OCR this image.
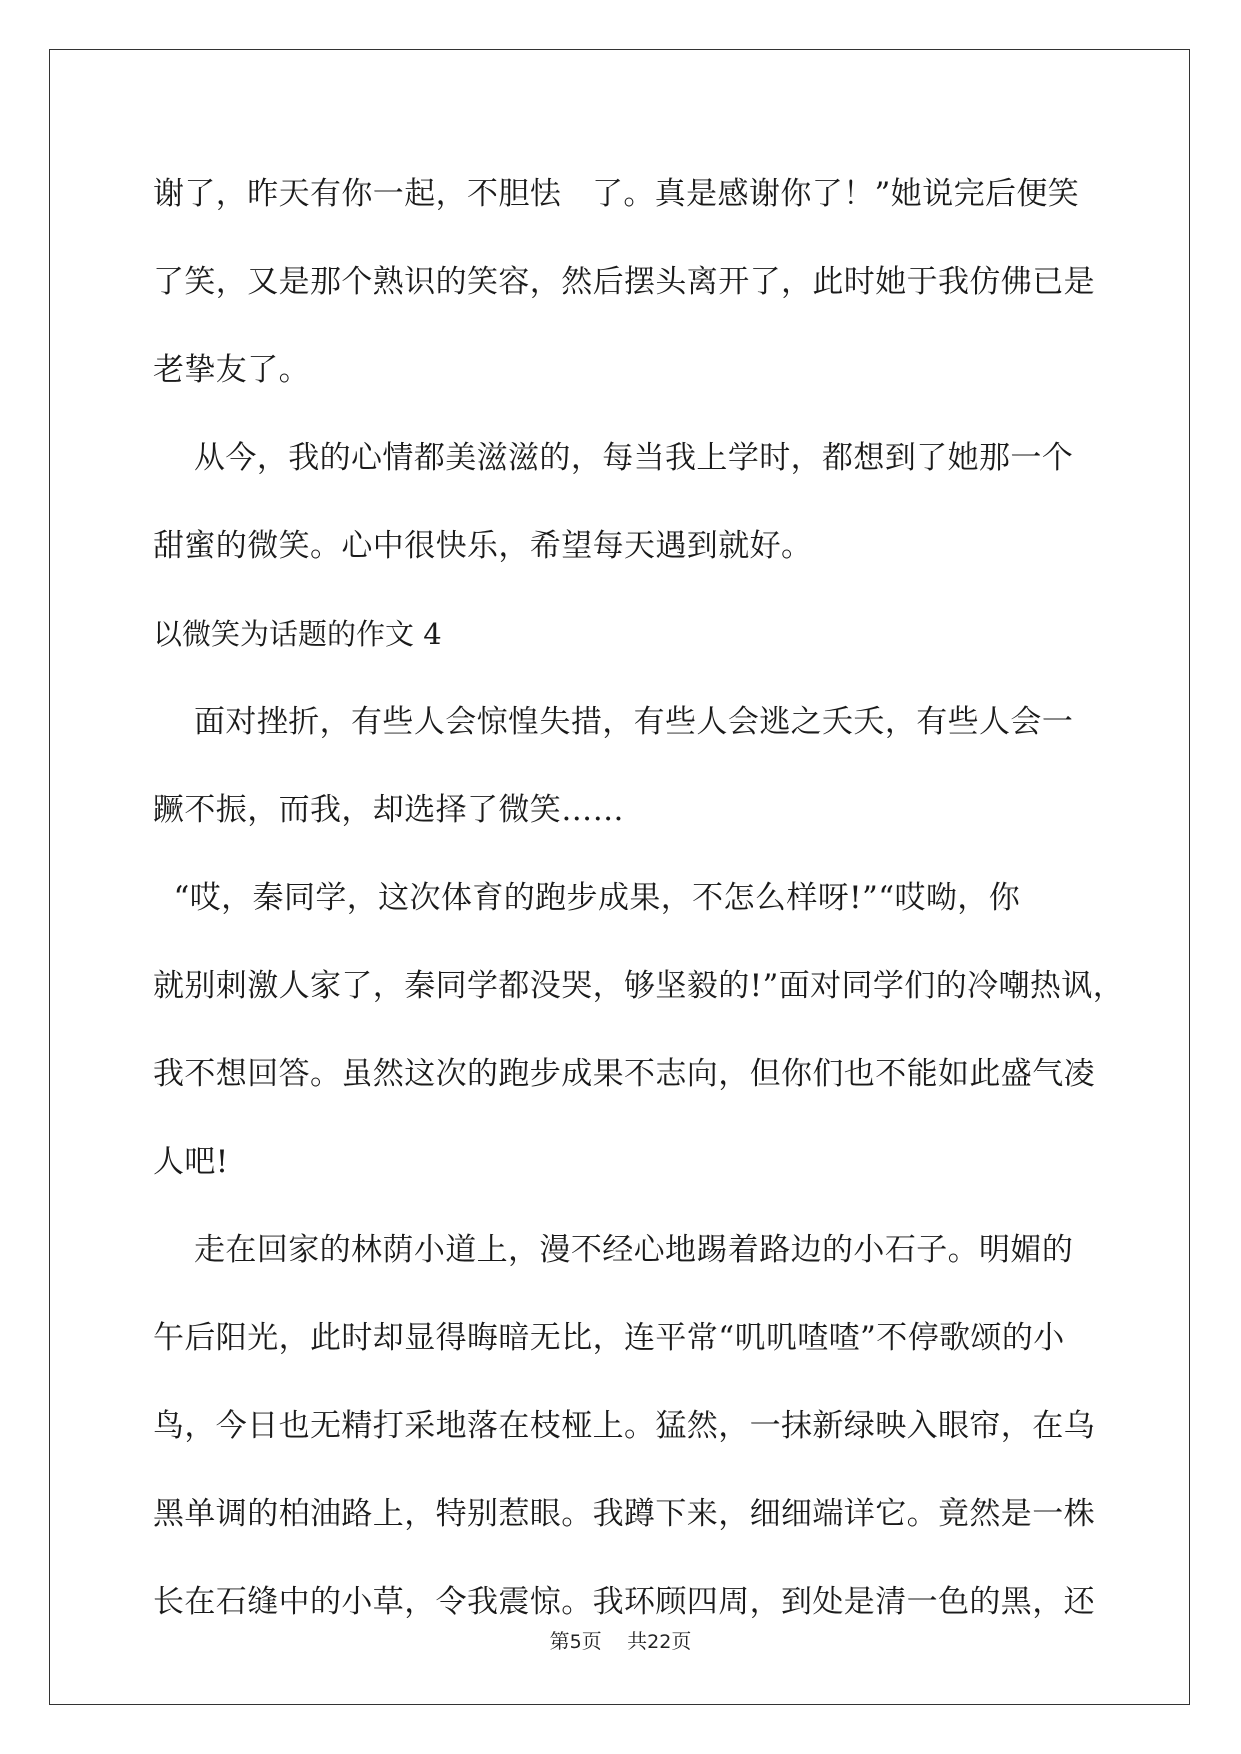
谢了，昨天有你一起，不胆怯   了。真是感谢你了！”她说完后便笑
了笑，又是那个熟识的笑容，然后摆头离开了，此时她于我仿佛已是
老挚友了。
从今，我的心情都美滋滋的，每当我上学时，都想到了她那一个
甜蜜的微笑。心中很快乐，希望每天遇到就好。
以微笑为话题的作文 4
面对挫折，有些人会惊惶失措，有些人会逃之夭夭，有些人会一
蹶不振，而我，却选择了微笑……
“哎，秦同学，这次体育的跑步成果，不怎么样呀!”“哎呦，你
就别刺激人家了，秦同学都没哭，够坚毅的!”面对同学们的冷嘲热讽，
我不想回答。虽然这次的跑步成果不志向，但你们也不能如此盛气凌
人吧!
走在回家的林荫小道上，漫不经心地踢着路边的小石子。明媚的
午后阳光，此时却显得晦暗无比，连平常“叽叽喳喳”不停歌颂的小
鸟，今日也无精打采地落在枝桠上。猛然，一抹新绿映入眼帘，在乌
黑单调的柏油路上，特别惹眼。我蹲下来，细细端详它。竟然是一株
长在石缝中的小草，令我震惊。我环顾四周，到处是清一色的黑，还
第5页    共22页
